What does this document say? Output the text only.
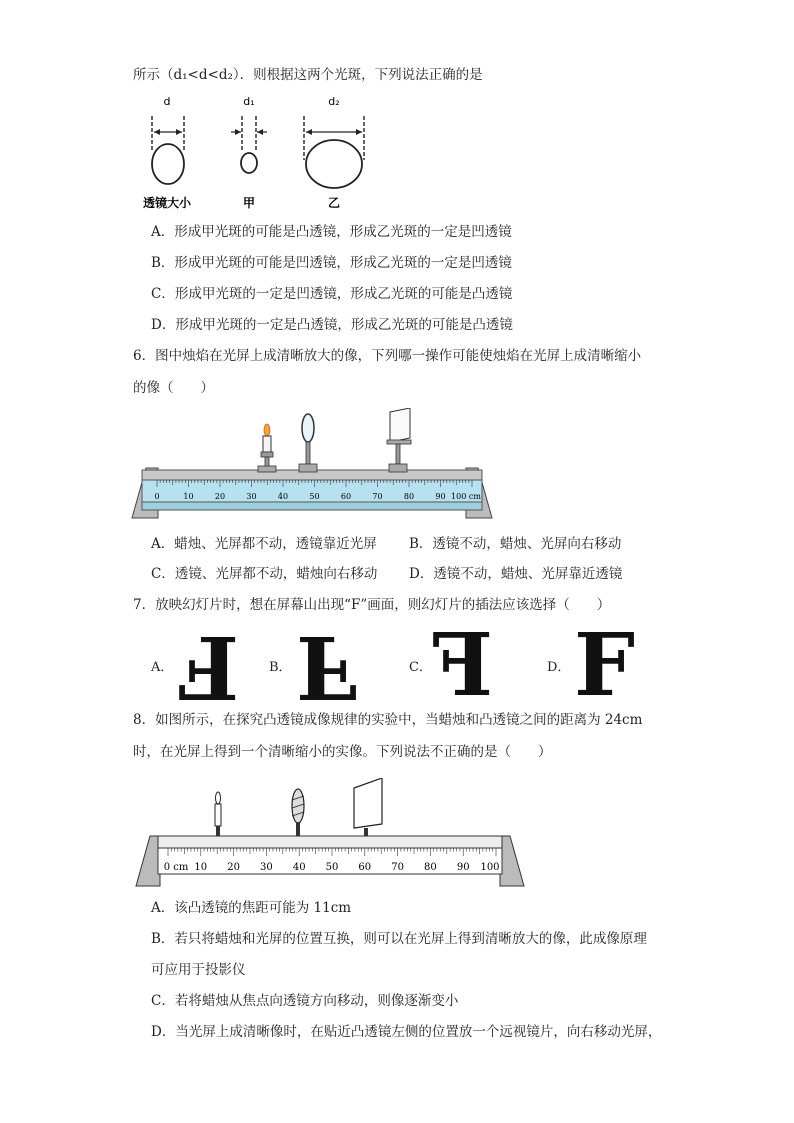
所示（d₁<d<d₂）．则根据这两个光斑，下列说法正确的是
d
透镜大小
d₁
甲
d₂
乙
A．形成甲光斑的可能是凸透镜，形成乙光斑的一定是凹透镜
B．形成甲光斑的可能是凹透镜，形成乙光斑的一定是凹透镜
C．形成甲光斑的一定是凹透镜，形成乙光斑的可能是凸透镜
D．形成甲光斑的一定是凸透镜，形成乙光斑的可能是凸透镜
6．图中烛焰在光屏上成清晰放大的像，下列哪一操作可能使烛焰在光屏上成清晰缩小
的像（　　）
0	10	20	30	40	50	60	70	80	90 100 cm
A．蜡烛、光屏都不动，透镜靠近光屏 B．透镜不动，蜡烛、光屏向右移动
C．透镜、光屏都不动，蜡烛向右移动 D．透镜不动，蜡烛、光屏靠近透镜
7．放映幻灯片时，想在屏幕山出现“F”画面，则幻灯片的插法应该选择（　　）
A． F B． F	C． F	D． F
8．如图所示，在探究凸透镜成像规律的实验中，当蜡烛和凸透镜之间的距离为 24cm
时，在光屏上得到一个清晰缩小的实像。下列说法不正确的是（　　）
0 cm 10 20 30 40 50 60 70 80 90 100
A．该凸透镜的焦距可能为 11cm
B．若只将蜡烛和光屏的位置互换，则可以在光屏上得到清晰放大的像，此成像原理
可应用于投影仪
C．若将蜡烛从焦点向透镜方向移动，则像逐渐变小
D．当光屏上成清晰像时，在贴近凸透镜左侧的位置放一个远视镜片，向右移动光屏，
